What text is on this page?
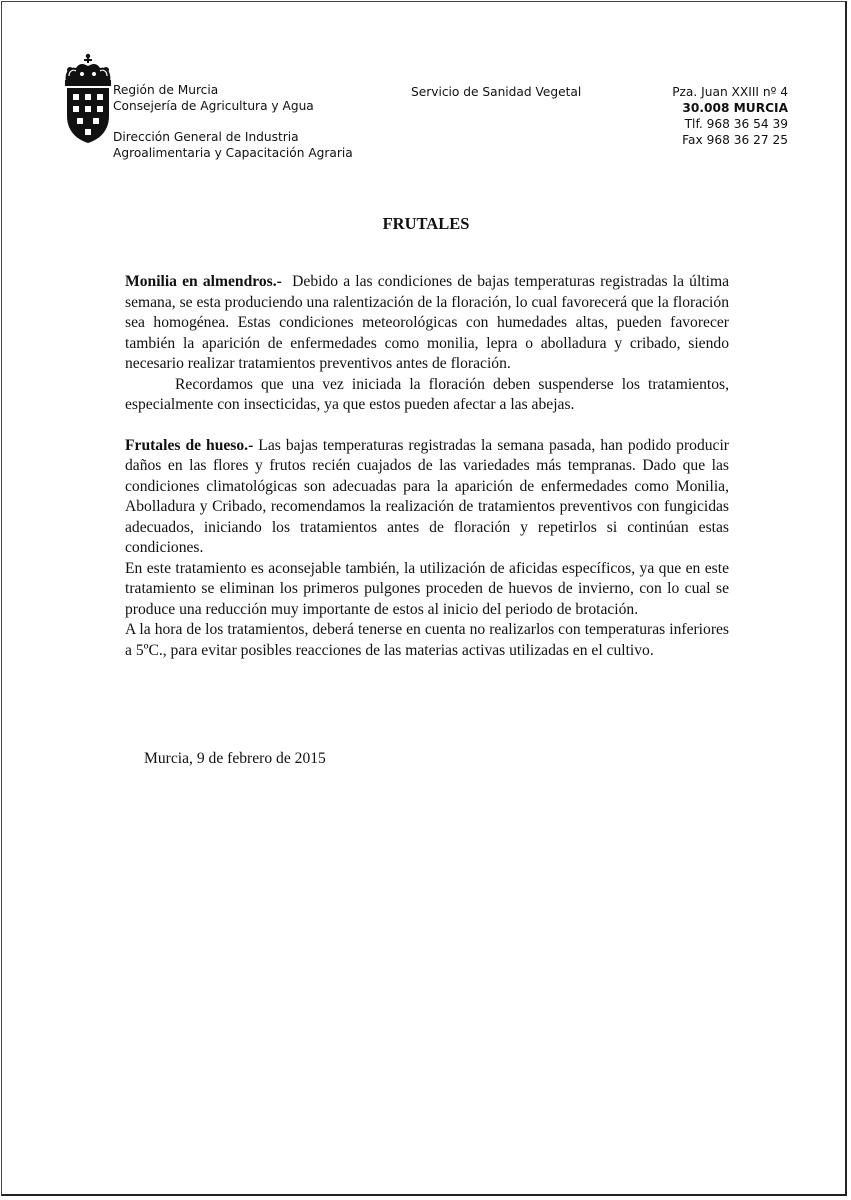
Región de Murcia
Consejería de Agricultura y Agua
Dirección General de Industria
Agroalimentaria y Capacitación Agraria
Servicio de Sanidad Vegetal	Pza. Juan XXIII nº 4
30.008 MURCIA
Tlf. 968 36 54 39
Fax 968 36 27 25
FRUTALES

Monilia en almendros.- Debido a las condiciones de bajas temperaturas registradas la última semana, se esta produciendo una ralentización de la floración, lo cual favorecerá que la floración sea homogénea. Estas condiciones meteorológicas con humedades altas, pueden favorecer también la aparición de enfermedades como monilia, lepra o abolladura y cribado, siendo necesario realizar tratamientos preventivos antes de floración.

Recordamos que una vez iniciada la floración deben suspenderse los tratamientos, especialmente con insecticidas, ya que estos pueden afectar a las abejas.

Frutales de hueso.- Las bajas temperaturas registradas la semana pasada, han podido producir daños en las flores y frutos recién cuajados de las variedades más tempranas. Dado que las condiciones climatológicas son adecuadas para la aparición de enfermedades como Monilia, Abolladura y Cribado, recomendamos la realización de tratamientos preventivos con fungicidas adecuados, iniciando los tratamientos antes de floración y repetirlos si continúan estas condiciones.

En este tratamiento es aconsejable también, la utilización de aficidas específicos, ya que en este tratamiento se eliminan los primeros pulgones proceden de huevos de invierno, con lo cual se produce una reducción muy importante de estos al inicio del periodo de brotación.

A la hora de los tratamientos, deberá tenerse en cuenta no realizarlos con temperaturas inferiores a 5ºC., para evitar posibles reacciones de las materias activas utilizadas en el cultivo.

Murcia, 9 de febrero de 2015
